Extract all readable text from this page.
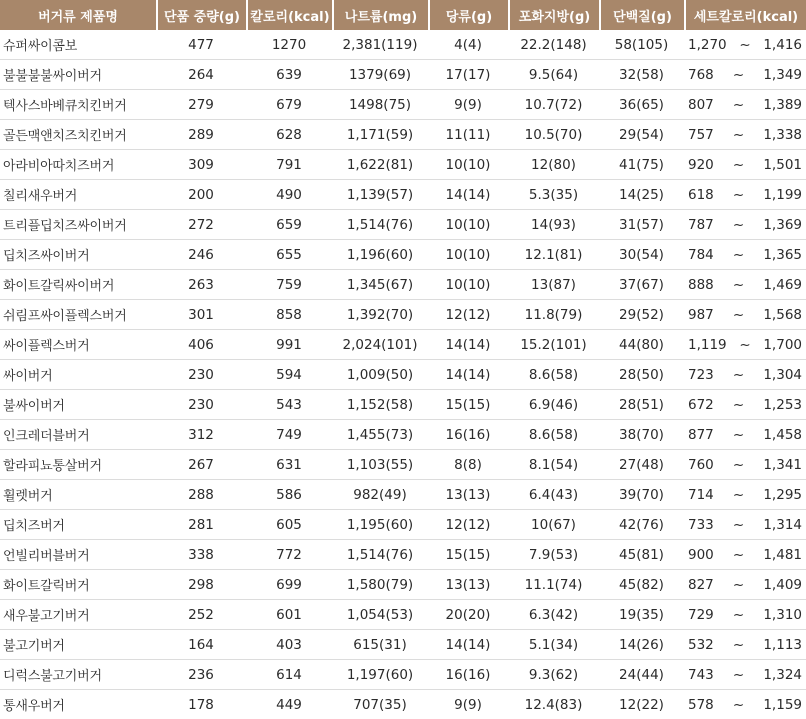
버거류 제품명	단품 중량(g)	칼로리(kcal)	나트륨(mg)	당류(g)	포화지방(g)	단백질(g)	세트칼로리(kcal)
슈퍼싸이콤보	477	1270	2,381(119)	4(4)	22.2(148)	58(105)	1,270 ~ 1,416

불불불불싸이버거	264	639	1379(69)	17(17)	9.5(64)	32(58)	768 ~ 1,349

텍사스바베큐치킨버거	279	679	1498(75)	9(9)	10.7(72)	36(65)	807 ~ 1,389

골든맥앤치즈치킨버거	289	628	1,171(59)	11(11)	10.5(70)	29(54)	757 ~ 1,338

아라비아따치즈버거	309	791	1,622(81)	10(10)	12(80)	41(75)	920 ~ 1,501

칠리새우버거	200	490	1,139(57)	14(14)	5.3(35)	14(25)	618 ~ 1,199

트리플딥치즈싸이버거	272	659	1,514(76)	10(10)	14(93)	31(57)	787 ~ 1,369

딥치즈싸이버거	246	655	1,196(60)	10(10)	12.1(81)	30(54)	784 ~ 1,365

화이트갈릭싸이버거	263	759	1,345(67)	10(10)	13(87)	37(67)	888 ~ 1,469

쉬림프싸이플렉스버거	301	858	1,392(70)	12(12)	11.8(79)	29(52)	987 ~ 1,568

싸이플렉스버거	406	991	2,024(101)	14(14)	15.2(101)	44(80)	1,119 ~ 1,700

싸이버거	230	594	1,009(50)	14(14)	8.6(58)	28(50)	723 ~ 1,304

불싸이버거	230	543	1,152(58)	15(15)	6.9(46)	28(51)	672 ~ 1,253

인크레더블버거	312	749	1,455(73)	16(16)	8.6(58)	38(70)	877 ~ 1,458

할라피뇨통살버거	267	631	1,103(55)	8(8)	8.1(54)	27(48)	760 ~ 1,341

휠렛버거	288	586	982(49)	13(13)	6.4(43)	39(70)	714 ~ 1,295

딥치즈버거	281	605	1,195(60)	12(12)	10(67)	42(76)	733 ~ 1,314

언빌리버블버거	338	772	1,514(76)	15(15)	7.9(53)	45(81)	900 ~ 1,481

화이트갈릭버거	298	699	1,580(79)	13(13)	11.1(74)	45(82)	827 ~ 1,409

새우불고기버거	252	601	1,054(53)	20(20)	6.3(42)	19(35)	729 ~ 1,310

불고기버거	164	403	615(31)	14(14)	5.1(34)	14(26)	532 ~ 1,113

디럭스불고기버거	236	614	1,197(60)	16(16)	9.3(62)	24(44)	743 ~ 1,324

통새우버거	178	449	707(35)	9(9)	12.4(83)	12(22)	578 ~ 1,159
